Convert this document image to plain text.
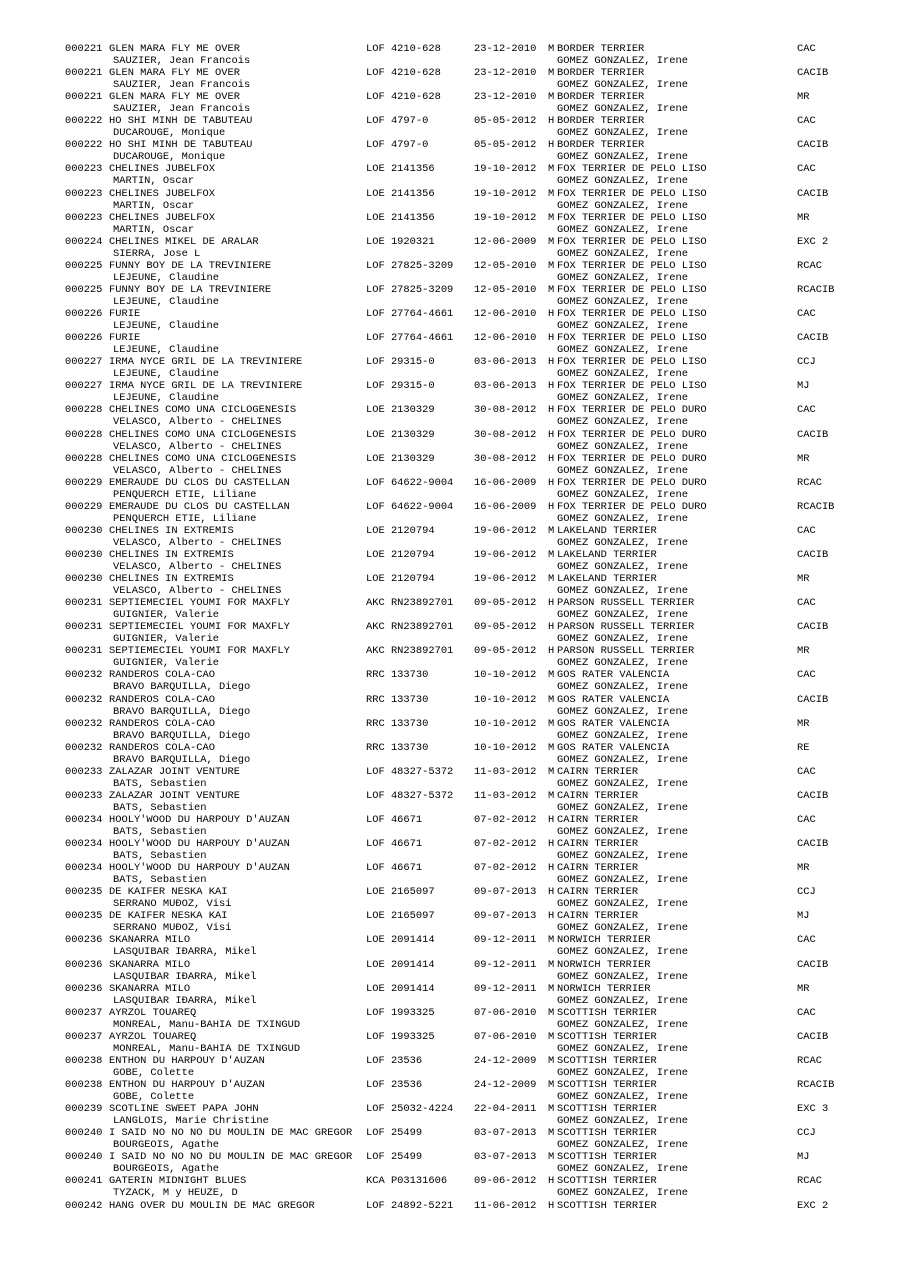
000221 GLEN MARA FLY ME OVER	LOF 4210-628	23-12-2010 M BORDER TERRIER	CAC
SAUZIER, Jean Francois	GOMEZ GONZALEZ, Irene
000221 GLEN MARA FLY ME OVER	LOF 4210-628	23-12-2010 M BORDER TERRIER	CACIB
SAUZIER, Jean Francois	GOMEZ GONZALEZ, Irene
000221 GLEN MARA FLY ME OVER	LOF 4210-628	23-12-2010 M BORDER TERRIER	MR
SAUZIER, Jean Francois	GOMEZ GONZALEZ, Irene
000222 HO SHI MINH DE TABUTEAU	LOF 4797-0	05-05-2012 H BORDER TERRIER	CAC
DUCAROUGE, Monique	GOMEZ GONZALEZ, Irene
000222 HO SHI MINH DE TABUTEAU	LOF 4797-0	05-05-2012 H BORDER TERRIER	CACIB
DUCAROUGE, Monique	GOMEZ GONZALEZ, Irene
000223 CHELINES JUBELFOX	LOE 2141356	19-10-2012 M FOX TERRIER DE PELO LISO	CAC
MARTIN, Oscar	GOMEZ GONZALEZ, Irene
000223 CHELINES JUBELFOX	LOE 2141356	19-10-2012 M FOX TERRIER DE PELO LISO	CACIB
MARTIN, Oscar	GOMEZ GONZALEZ, Irene
000223 CHELINES JUBELFOX	LOE 2141356	19-10-2012 M FOX TERRIER DE PELO LISO	MR
MARTIN, Oscar	GOMEZ GONZALEZ, Irene
000224 CHELINES MIKEL DE ARALAR	LOE 1920321	12-06-2009 M FOX TERRIER DE PELO LISO	EXC 2
SIERRA, Jose L	GOMEZ GONZALEZ, Irene
000225 FUNNY BOY DE LA TREVINIERE	LOF 27825-3209 12-05-2010 M FOX TERRIER DE PELO LISO	RCAC
LEJEUNE, Claudine	GOMEZ GONZALEZ, Irene
000225 FUNNY BOY DE LA TREVINIERE	LOF 27825-3209 12-05-2010 M FOX TERRIER DE PELO LISO	RCACIB
LEJEUNE, Claudine	GOMEZ GONZALEZ, Irene
000226 FURIE	LOF 27764-4661 12-06-2010 H FOX TERRIER DE PELO LISO	CAC
LEJEUNE, Claudine	GOMEZ GONZALEZ, Irene
000226 FURIE	LOF 27764-4661 12-06-2010 H FOX TERRIER DE PELO LISO	CACIB
LEJEUNE, Claudine	GOMEZ GONZALEZ, Irene
000227 IRMA NYCE GRIL DE LA TREVINIERE	LOF 29315-0	03-06-2013 H FOX TERRIER DE PELO LISO	CCJ
LEJEUNE, Claudine	GOMEZ GONZALEZ, Irene
000227 IRMA NYCE GRIL DE LA TREVINIERE	LOF 29315-0	03-06-2013 H FOX TERRIER DE PELO LISO	MJ
LEJEUNE, Claudine	GOMEZ GONZALEZ, Irene
000228 CHELINES COMO UNA CICLOGENESIS	LOE 2130329	30-08-2012 H FOX TERRIER DE PELO DURO	CAC
VELASCO, Alberto - CHELINES	GOMEZ GONZALEZ, Irene
000228 CHELINES COMO UNA CICLOGENESIS	LOE 2130329	30-08-2012 H FOX TERRIER DE PELO DURO	CACIB
VELASCO, Alberto - CHELINES	GOMEZ GONZALEZ, Irene
000228 CHELINES COMO UNA CICLOGENESIS	LOE 2130329	30-08-2012 H FOX TERRIER DE PELO DURO	MR
VELASCO, Alberto - CHELINES	GOMEZ GONZALEZ, Irene
000229 EMERAUDE DU CLOS DU CASTELLAN	LOF 64622-9004 16-06-2009 H FOX TERRIER DE PELO DURO	RCAC
PENQUERCH ETIE, Liliane	GOMEZ GONZALEZ, Irene
000229 EMERAUDE DU CLOS DU CASTELLAN	LOF 64622-9004 16-06-2009 H FOX TERRIER DE PELO DURO	RCACIB
PENQUERCH ETIE, Liliane	GOMEZ GONZALEZ, Irene
000230 CHELINES IN EXTREMIS	LOE 2120794	19-06-2012 M LAKELAND TERRIER	CAC
VELASCO, Alberto - CHELINES	GOMEZ GONZALEZ, Irene
000230 CHELINES IN EXTREMIS	LOE 2120794	19-06-2012 M LAKELAND TERRIER	CACIB
VELASCO, Alberto - CHELINES	GOMEZ GONZALEZ, Irene
000230 CHELINES IN EXTREMIS	LOE 2120794	19-06-2012 M LAKELAND TERRIER	MR
VELASCO, Alberto - CHELINES	GOMEZ GONZALEZ, Irene
000231 SEPTIEMECIEL YOUMI FOR MAXFLY	AKC RN23892701 09-05-2012 H PARSON RUSSELL TERRIER	CAC
GUIGNIER, Valerie	GOMEZ GONZALEZ, Irene
000231 SEPTIEMECIEL YOUMI FOR MAXFLY	AKC RN23892701 09-05-2012 H PARSON RUSSELL TERRIER	CACIB
GUIGNIER, Valerie	GOMEZ GONZALEZ, Irene
000231 SEPTIEMECIEL YOUMI FOR MAXFLY	AKC RN23892701 09-05-2012 H PARSON RUSSELL TERRIER	MR
GUIGNIER, Valerie	GOMEZ GONZALEZ, Irene
000232 RANDEROS COLA-CAO	RRC 133730	10-10-2012 M GOS RATER VALENCIA	CAC
BRAVO BARQUILLA, Diego	GOMEZ GONZALEZ, Irene
000232 RANDEROS COLA-CAO	RRC 133730	10-10-2012 M GOS RATER VALENCIA	CACIB
BRAVO BARQUILLA, Diego	GOMEZ GONZALEZ, Irene
000232 RANDEROS COLA-CAO	RRC 133730	10-10-2012 M GOS RATER VALENCIA	MR
BRAVO BARQUILLA, Diego	GOMEZ GONZALEZ, Irene
000232 RANDEROS COLA-CAO	RRC 133730	10-10-2012 M GOS RATER VALENCIA	RE
BRAVO BARQUILLA, Diego	GOMEZ GONZALEZ, Irene
000233 ZALAZAR JOINT VENTURE	LOF 48327-5372 11-03-2012 M CAIRN TERRIER	CAC
BATS, Sebastien	GOMEZ GONZALEZ, Irene
000233 ZALAZAR JOINT VENTURE	LOF 48327-5372 11-03-2012 M CAIRN TERRIER	CACIB
BATS, Sebastien	GOMEZ GONZALEZ, Irene
000234 HOOLY'WOOD DU HARPOUY D'AUZAN	LOF 46671	07-02-2012 H CAIRN TERRIER	CAC
BATS, Sebastien	GOMEZ GONZALEZ, Irene
000234 HOOLY'WOOD DU HARPOUY D'AUZAN	LOF 46671	07-02-2012 H CAIRN TERRIER	CACIB
BATS, Sebastien	GOMEZ GONZALEZ, Irene
000234 HOOLY'WOOD DU HARPOUY D'AUZAN	LOF 46671	07-02-2012 H CAIRN TERRIER	MR
BATS, Sebastien	GOMEZ GONZALEZ, Irene
000235 DE KAIFER NESKA KAI	LOE 2165097	09-07-2013 H CAIRN TERRIER	CCJ
SERRANO MUÐOZ, Visi	GOMEZ GONZALEZ, Irene
000235 DE KAIFER NESKA KAI	LOE 2165097	09-07-2013 H CAIRN TERRIER	MJ
SERRANO MUÐOZ, Visi	GOMEZ GONZALEZ, Irene
000236 SKANARRA MILO	LOE 2091414	09-12-2011 M NORWICH TERRIER	CAC
LASQUIBAR IÐARRA, Mikel	GOMEZ GONZALEZ, Irene
000236 SKANARRA MILO	LOE 2091414	09-12-2011 M NORWICH TERRIER	CACIB
LASQUIBAR IÐARRA, Mikel	GOMEZ GONZALEZ, Irene
000236 SKANARRA MILO	LOE 2091414	09-12-2011 M NORWICH TERRIER	MR
LASQUIBAR IÐARRA, Mikel	GOMEZ GONZALEZ, Irene
000237 AYRZOL TOUAREQ	LOF 1993325	07-06-2010 M SCOTTISH TERRIER	CAC
MONREAL, Manu-BAHIA DE TXINGUD	GOMEZ GONZALEZ, Irene
000237 AYRZOL TOUAREQ	LOF 1993325	07-06-2010 M SCOTTISH TERRIER	CACIB
MONREAL, Manu-BAHIA DE TXINGUD	GOMEZ GONZALEZ, Irene
000238 ENTHON DU HARPOUY D'AUZAN	LOF 23536	24-12-2009 M SCOTTISH TERRIER	RCAC
GOBE, Colette	GOMEZ GONZALEZ, Irene
000238 ENTHON DU HARPOUY D'AUZAN	LOF 23536	24-12-2009 M SCOTTISH TERRIER	RCACIB
GOBE, Colette	GOMEZ GONZALEZ, Irene
000239 SCOTLINE SWEET PAPA JOHN	LOF 25032-4224 22-04-2011 M SCOTTISH TERRIER	EXC 3
LANGLOIS, Marie Christine	GOMEZ GONZALEZ, Irene
000240 I SAID NO NO NO DU MOULIN DE MAC GREGOR LOF 25499	03-07-2013 M SCOTTISH TERRIER	CCJ
BOURGEOIS, Agathe	GOMEZ GONZALEZ, Irene
000240 I SAID NO NO NO DU MOULIN DE MAC GREGOR LOF 25499	03-07-2013 M SCOTTISH TERRIER	MJ
BOURGEOIS, Agathe	GOMEZ GONZALEZ, Irene
000241 GATERIN MIDNIGHT BLUES	KCA P03131606	09-06-2012 H SCOTTISH TERRIER	RCAC
TYZACK, M y HEUZE, D	GOMEZ GONZALEZ, Irene
000242 HANG OVER DU MOULIN DE MAC GREGOR	LOF 24892-5221 11-06-2012 H SCOTTISH TERRIER	EXC 2
